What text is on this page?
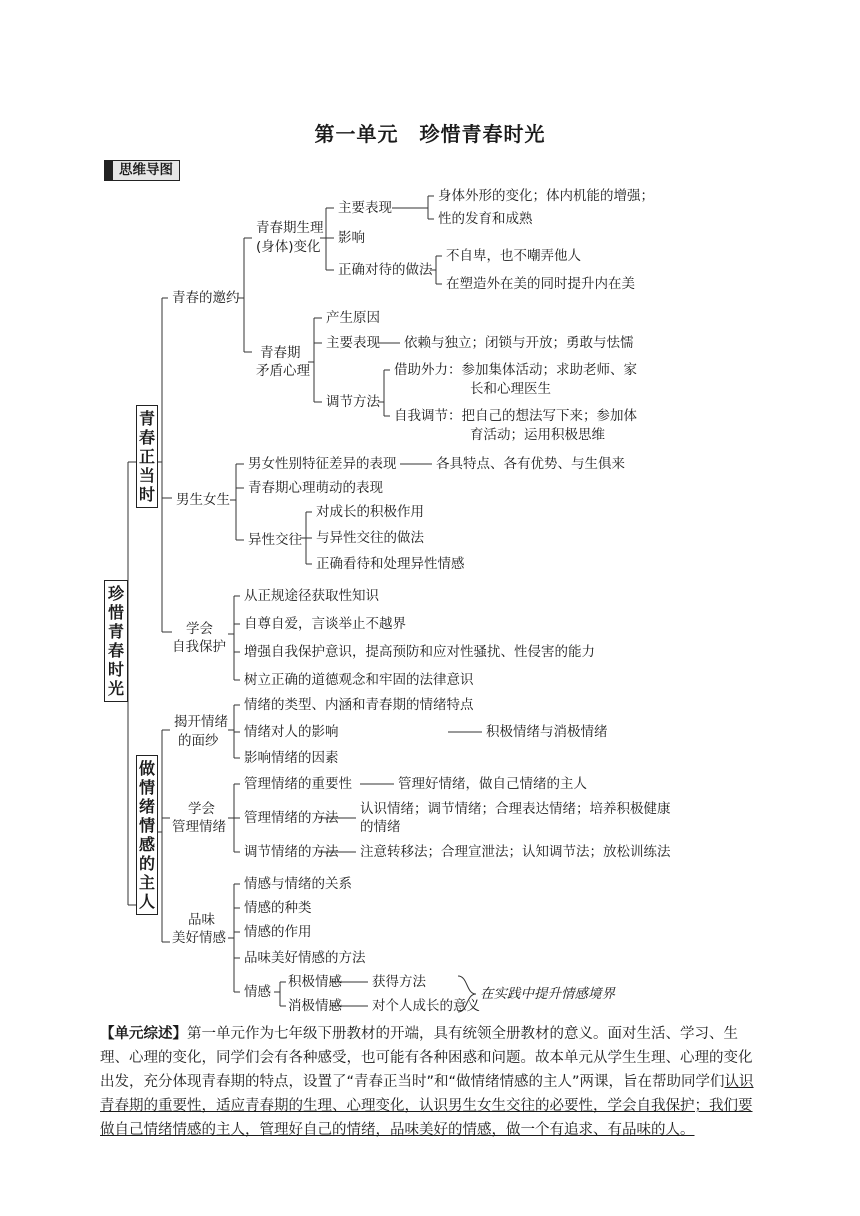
第一单元　珍惜青春时光
思维导图
珍惜青春时光
青春正当时
做情绪情感的主人
青春的邀约
青春期生理
(身体)变化
主要表现
身体外形的变化；体内机能的增强；
性的发育和成熟
影响
正确对待的做法
不自卑，也不嘲弄他人
在塑造外在美的同时提升内在美
青春期
矛盾心理
产生原因
主要表现 依赖与独立；闭锁与开放；勇敢与怯懦
调节方法
借助外力：参加集体活动；求助老师、家
长和心理医生
自我调节：把自己的想法写下来；参加体
育活动；运用积极思维
男生女生
男女性别特征差异的表现	各具特点、各有优势、与生俱来
青春期心理萌动的表现
异性交往
对成长的积极作用
与异性交往的做法
正确看待和处理异性情感
学会
自我保护
从正规途径获取性知识
自尊自爱，言谈举止不越界
增强自我保护意识，提高预防和应对性骚扰、性侵害的能力
树立正确的道德观念和牢固的法律意识
揭开情绪
的面纱
情绪的类型、内涵和青春期的情绪特点
情绪对人的影响	积极情绪与消极情绪
影响情绪的因素
学会
管理情绪
管理情绪的重要性	管理好情绪，做自己情绪的主人
管理情绪的方法
认识情绪；调节情绪；合理表达情绪；培养积极健康
的情绪
调节情绪的方法 注意转移法；合理宣泄法；认知调节法；放松训练法
品味
美好情感
情感与情绪的关系
情感的种类
情感的作用
品味美好情感的方法
情感
积极情感 获得方法
消极情感 对个人成长的意义
在实践中提升情感境界
【单元综述】第一单元作为七年级下册教材的开端，具有统领全册教材的意义。面对生活、学习、生理、心理的变化，同学们会有各种感受，也可能有各种困惑和问题。故本单元从学生生理、心理的变化出发，充分体现青春期的特点，设置了“青春正当时”和“做情绪情感的主人”两课，旨在帮助同学们认识青春期的重要性，适应青春期的生理、心理变化，认识男生女生交往的必要性，学会自我保护；我们要做自己情绪情感的主人，管理好自己的情绪，品味美好的情感，做一个有追求、有品味的人。
